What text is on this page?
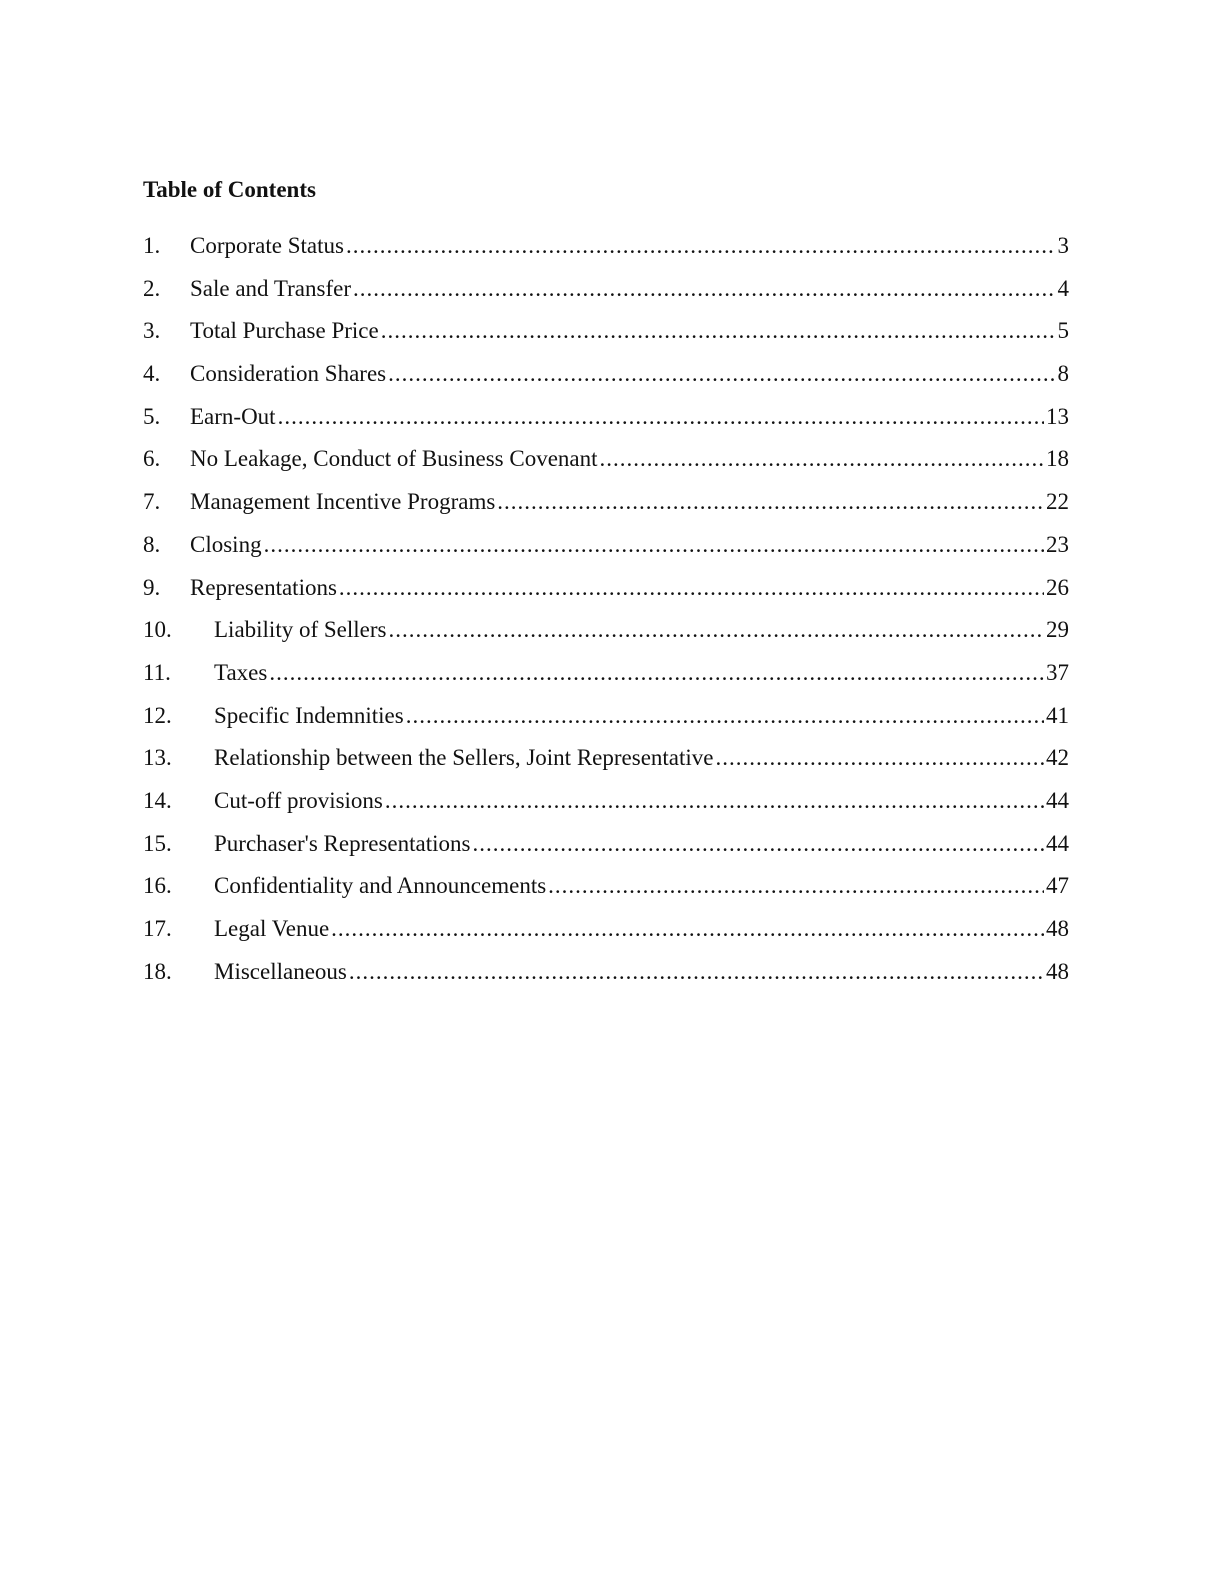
Table of Contents
1.	Corporate Status .....	3
2.	Sale and Transfer .....	4
3.	Total Purchase Price .....	5
4.	Consideration Shares .....	8
5.	Earn-Out .....	13
6.	No Leakage, Conduct of Business Covenant .....	18
7.	Management Incentive Programs .....	22
8.	Closing .....	23
9.	Representations .....	26
10.	Liability of Sellers .....	29
11.	Taxes .....	37
12.	Specific Indemnities .....	41
13.	Relationship between the Sellers, Joint Representative .....	42
14.	Cut-off provisions .....	44
15.	Purchaser's Representations .....	44
16.	Confidentiality and Announcements .....	47
17.	Legal Venue .....	48
18.	Miscellaneous .....	48
